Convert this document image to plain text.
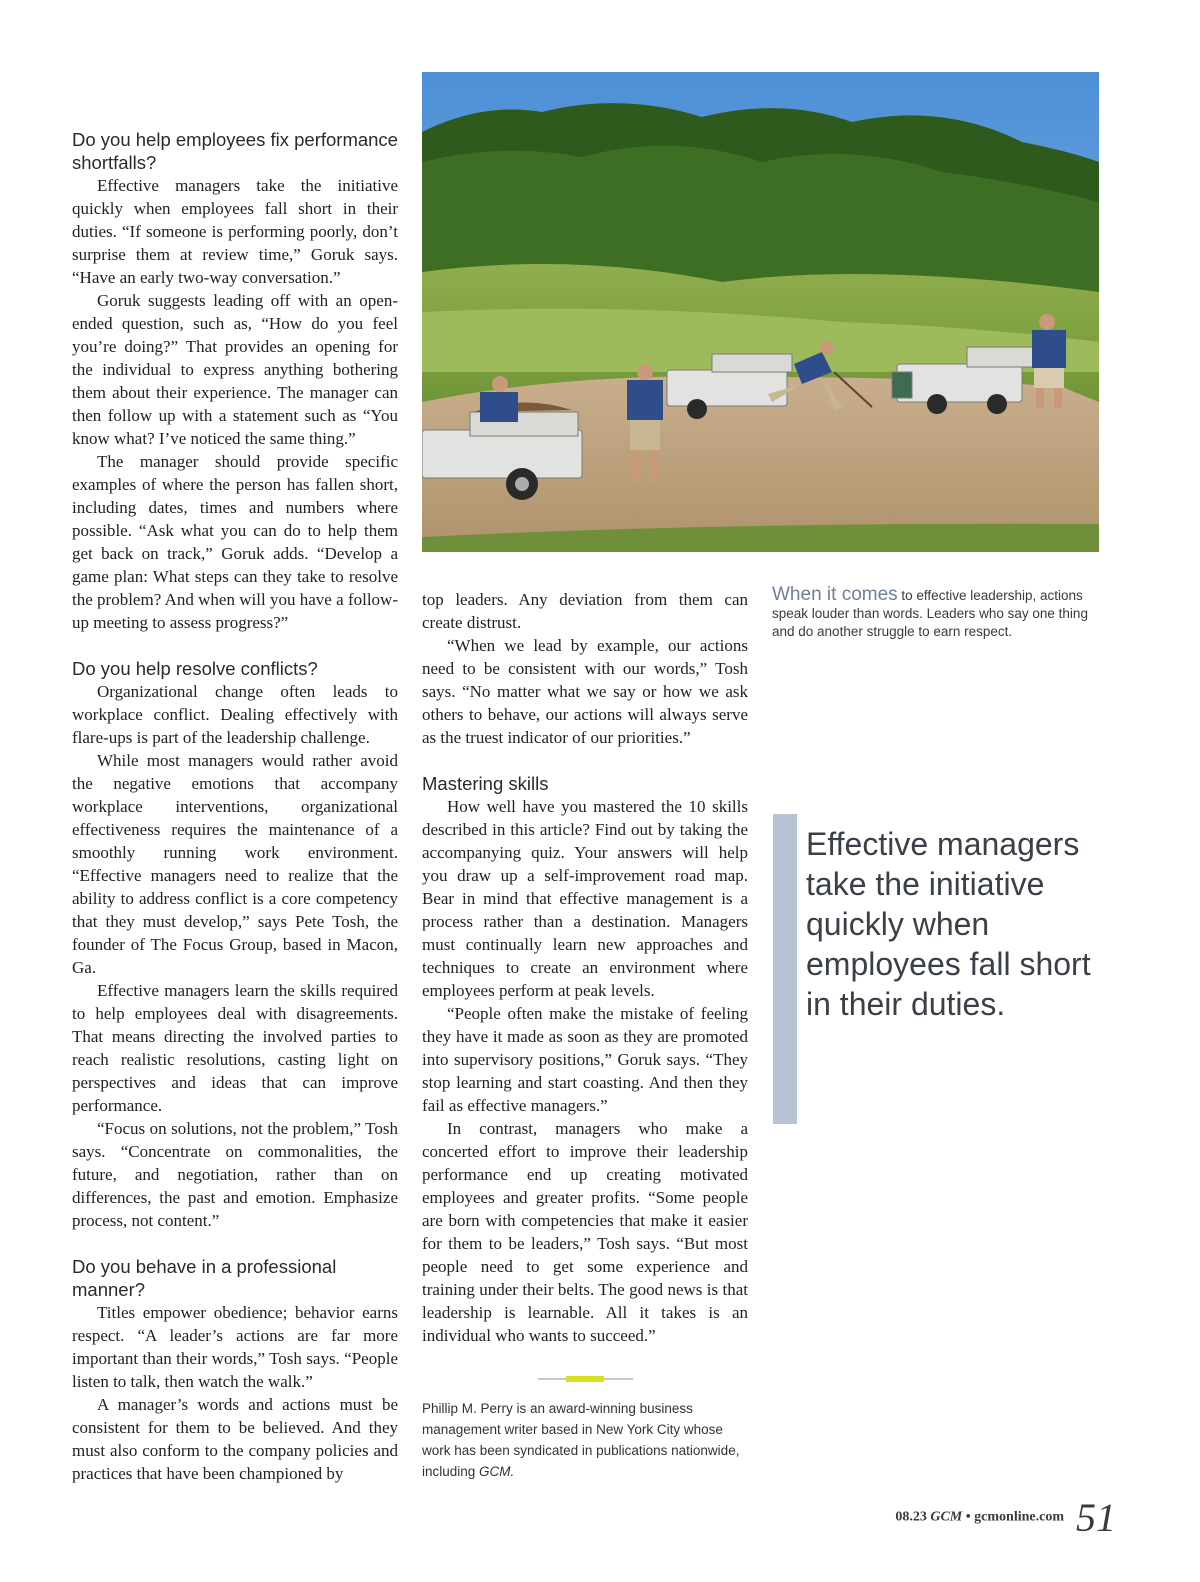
Do you help employees fix performance shortfalls?

Effective managers take the initiative quickly when employees fall short in their duties. “If someone is performing poorly, don’t surprise them at review time,” Goruk says. “Have an early two-way conversation.”

Goruk suggests leading off with an open-ended question, such as, “How do you feel you’re doing?” That provides an opening for the individual to express anything bothering them about their experience. The manager can then follow up with a statement such as “You know what? I’ve noticed the same thing.”

The manager should provide specific examples of where the person has fallen short, including dates, times and numbers where possible. “Ask what you can do to help them get back on track,” Goruk adds. “Develop a game plan: What steps can they take to resolve the problem? And when will you have a follow-up meeting to assess progress?”

Do you help resolve conflicts?

Organizational change often leads to workplace conflict. Dealing effectively with flare-ups is part of the leadership challenge.

While most managers would rather avoid the negative emotions that accompany workplace interventions, organizational effectiveness requires the maintenance of a smoothly running work environment. “Effective managers need to realize that the ability to address conflict is a core competency that they must develop,” says Pete Tosh, the founder of The Focus Group, based in Macon, Ga.

Effective managers learn the skills required to help employees deal with disagreements. That means directing the involved parties to reach realistic resolutions, casting light on perspectives and ideas that can improve performance.

“Focus on solutions, not the problem,” Tosh says. “Concentrate on commonalities, the future, and negotiation, rather than on differences, the past and emotion. Emphasize process, not content.”

Do you behave in a professional manner?

Titles empower obedience; behavior earns respect. “A leader’s actions are far more important than their words,” Tosh says. “People listen to talk, then watch the walk.”

A manager’s words and actions must be consistent for them to be believed. And they must also conform to the company policies and practices that have been championed by

When it comes to effective leadership, actions speak louder than words. Leaders who say one thing and do another struggle to earn respect.

top leaders. Any deviation from them can create distrust.

“When we lead by example, our actions need to be consistent with our words,” Tosh says. “No matter what we say or how we ask others to behave, our actions will always serve as the truest indicator of our priorities.”

Mastering skills

How well have you mastered the 10 skills described in this article? Find out by taking the accompanying quiz. Your answers will help you draw up a self-improvement road map. Bear in mind that effective management is a process rather than a destination. Managers must continually learn new approaches and techniques to create an environment where employees perform at peak levels.

“People often make the mistake of feeling they have it made as soon as they are promoted into supervisory positions,” Goruk says. “They stop learning and start coasting. And then they fail as effective managers.”

In contrast, managers who make a concerted effort to improve their leadership performance end up creating motivated employees and greater profits. “Some people are born with competencies that make it easier for them to be leaders,” Tosh says. “But most people need to get some experience and training under their belts. The good news is that leadership is learnable. All it takes is an individual who wants to succeed.”

Effective managers take the initiative quickly when employees fall short in their duties.
Phillip M. Perry is an award-winning business management writer based in New York City whose work has been syndicated in publications nationwide, including GCM.
08.23 GCM • gcmonline.com 51
